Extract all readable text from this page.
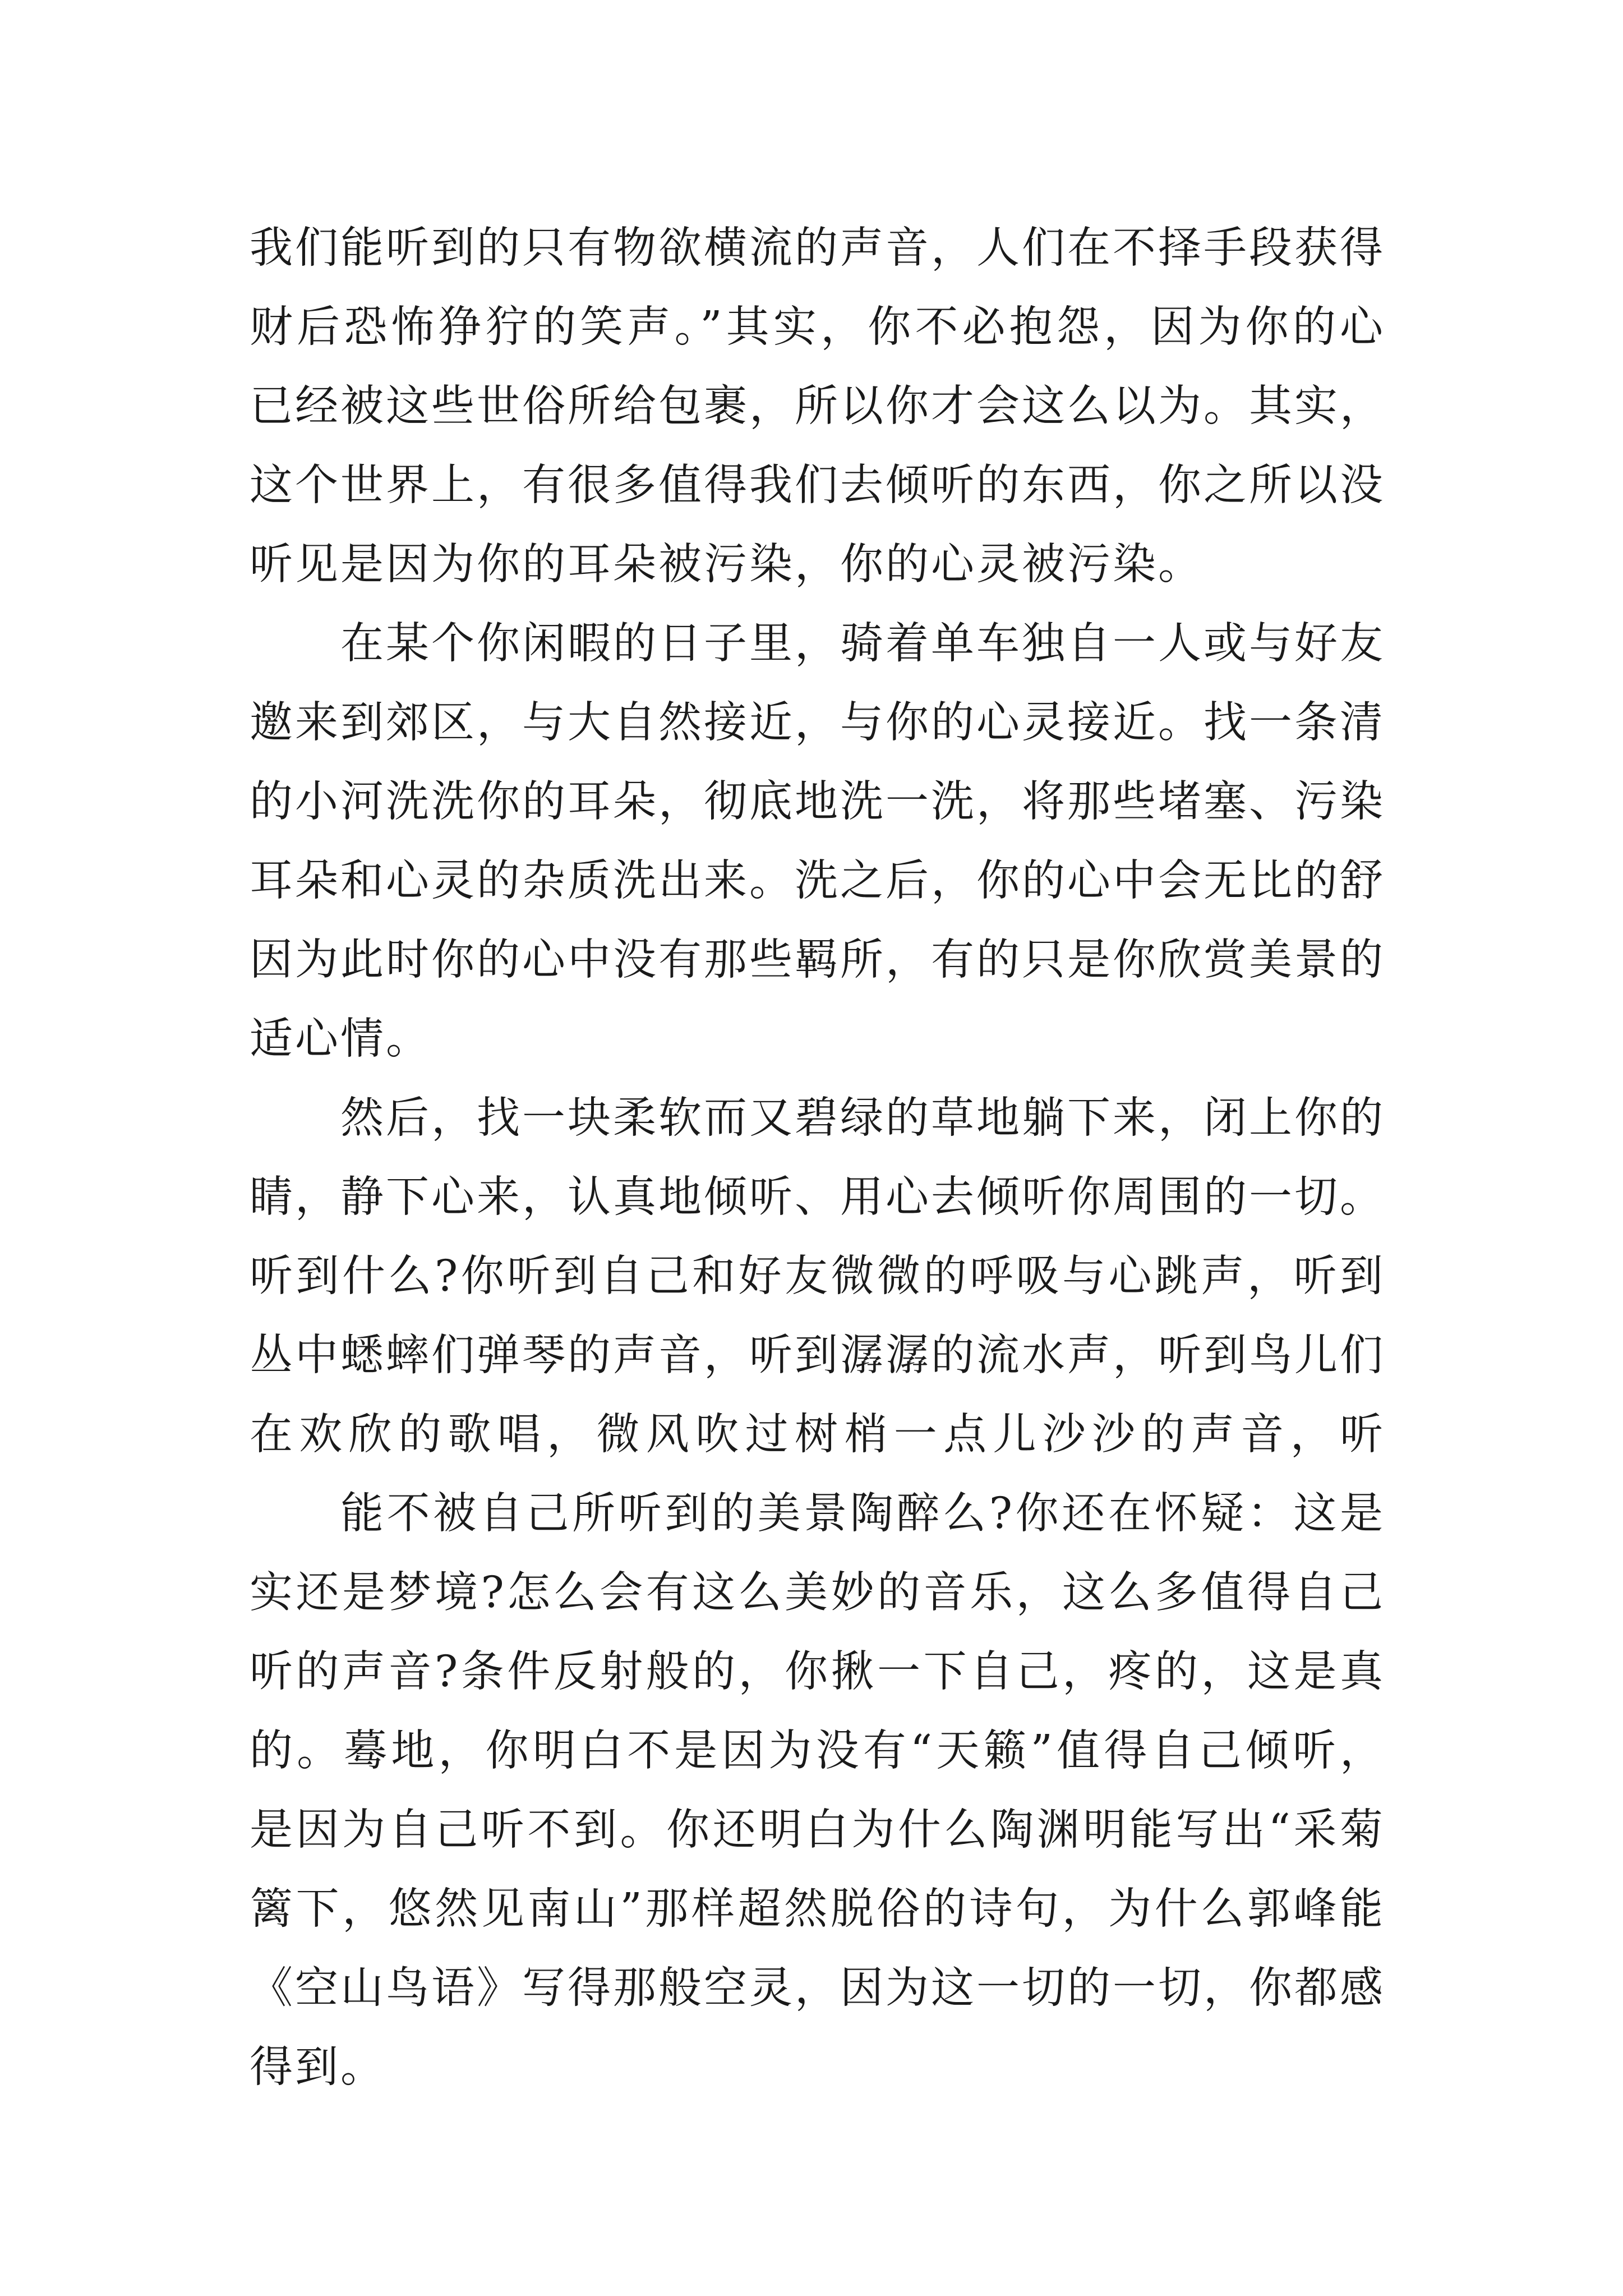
我们能听到的只有物欲横流的声音，人们在不择手段获得
财后恐怖狰狞的笑声。”其实，你不必抱怨，因为你的心
已经被这些世俗所给包裹，所以你才会这么以为。其实，
这个世界上，有很多值得我们去倾听的东西，你之所以没
听见是因为你的耳朵被污染，你的心灵被污染。
在某个你闲暇的日子里，骑着单车独自一人或与好友
邀来到郊区，与大自然接近，与你的心灵接近。找一条清
的小河洗洗你的耳朵，彻底地洗一洗，将那些堵塞、污染
耳朵和心灵的杂质洗出来。洗之后，你的心中会无比的舒
因为此时你的心中没有那些羁所，有的只是你欣赏美景的
适心情。
然后，找一块柔软而又碧绿的草地躺下来，闭上你的
睛，静下心来，认真地倾听、用心去倾听你周围的一切。
听到什么?你听到自己和好友微微的呼吸与心跳声，听到
丛中蟋蟀们弹琴的声音，听到潺潺的流水声，听到鸟儿们
在欢欣的歌唱，微风吹过树梢一点儿沙沙的声音，听
能不被自己所听到的美景陶醉么?你还在怀疑：这是
实还是梦境?怎么会有这么美妙的音乐，这么多值得自己
听的声音?条件反射般的，你揪一下自己，疼的，这是真
的。蓦地，你明白不是因为没有“天籁”值得自己倾听，
是因为自己听不到。你还明白为什么陶渊明能写出“采菊
篱下，悠然见南山”那样超然脱俗的诗句，为什么郭峰能
《空山鸟语》写得那般空灵，因为这一切的一切，你都感
得到。
